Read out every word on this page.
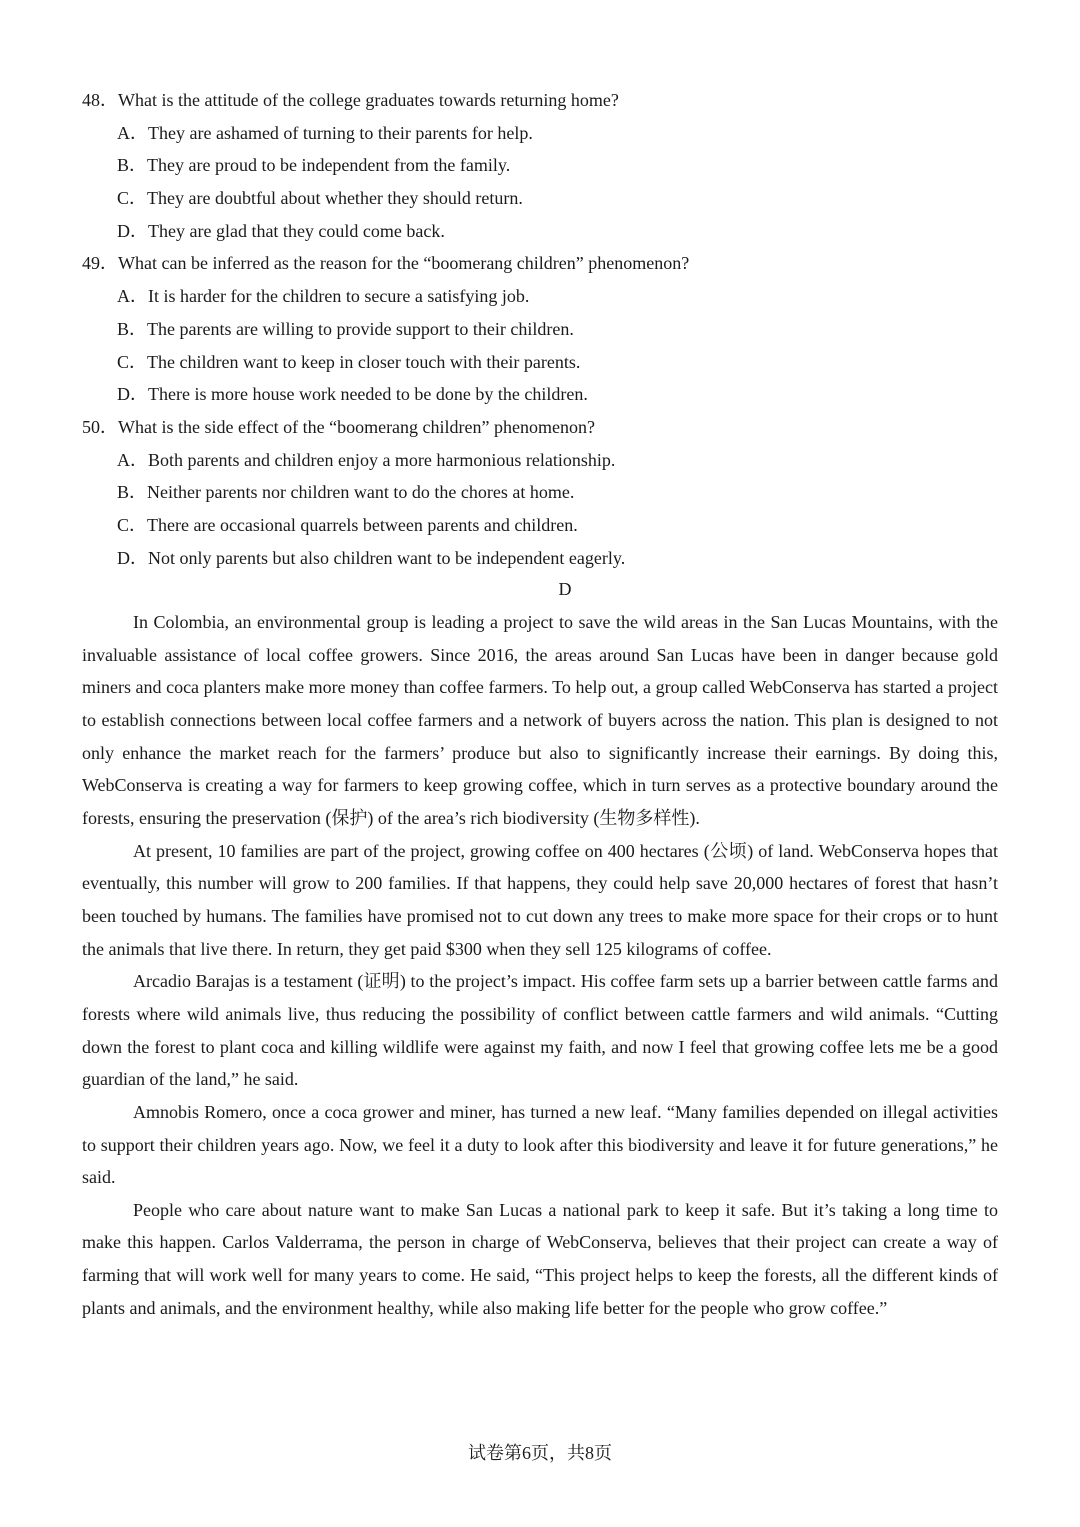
48．What is the attitude of the college graduates towards returning home?
A．They are ashamed of turning to their parents for help.
B．They are proud to be independent from the family.
C．They are doubtful about whether they should return.
D．They are glad that they could come back.
49．What can be inferred as the reason for the “boomerang children” phenomenon?
A．It is harder for the children to secure a satisfying job.
B．The parents are willing to provide support to their children.
C．The children want to keep in closer touch with their parents.
D．There is more house work needed to be done by the children.
50．What is the side effect of the “boomerang children” phenomenon?
A．Both parents and children enjoy a more harmonious relationship.
B．Neither parents nor children want to do the chores at home.
C．There are occasional quarrels between parents and children.
D．Not only parents but also children want to be independent eagerly.
D

In Colombia, an environmental group is leading a project to save the wild areas in the San Lucas Mountains, with the invaluable assistance of local coffee growers. Since 2016, the areas around San Lucas have been in danger because gold miners and coca planters make more money than coffee farmers. To help out, a group called WebConserva has started a project to establish connections between local coffee farmers and a network of buyers across the nation. This plan is designed to not only enhance the market reach for the farmers’ produce but also to significantly increase their earnings. By doing this, WebConserva is creating a way for farmers to keep growing coffee, which in turn serves as a protective boundary around the forests, ensuring the preservation (保护) of the area’s rich biodiversity (生物多样性).

At present, 10 families are part of the project, growing coffee on 400 hectares (公顷) of land. WebConserva hopes that eventually, this number will grow to 200 families. If that happens, they could help save 20,000 hectares of forest that hasn’t been touched by humans. The families have promised not to cut down any trees to make more space for their crops or to hunt the animals that live there. In return, they get paid $300 when they sell 125 kilograms of coffee.

Arcadio Barajas is a testament (证明) to the project’s impact. His coffee farm sets up a barrier between cattle farms and forests where wild animals live, thus reducing the possibility of conflict between cattle farmers and wild animals. “Cutting down the forest to plant coca and killing wildlife were against my faith, and now I feel that growing coffee lets me be a good guardian of the land,” he said.

Amnobis Romero, once a coca grower and miner, has turned a new leaf. “Many families depended on illegal activities to support their children years ago. Now, we feel it a duty to look after this biodiversity and leave it for future generations,” he said.

People who care about nature want to make San Lucas a national park to keep it safe. But it’s taking a long time to make this happen. Carlos Valderrama, the person in charge of WebConserva, believes that their project can create a way of farming that will work well for many years to come. He said, “This project helps to keep the forests, all the different kinds of plants and animals, and the environment healthy, while also making life better for the people who grow coffee.”

试卷第6页，共8页
